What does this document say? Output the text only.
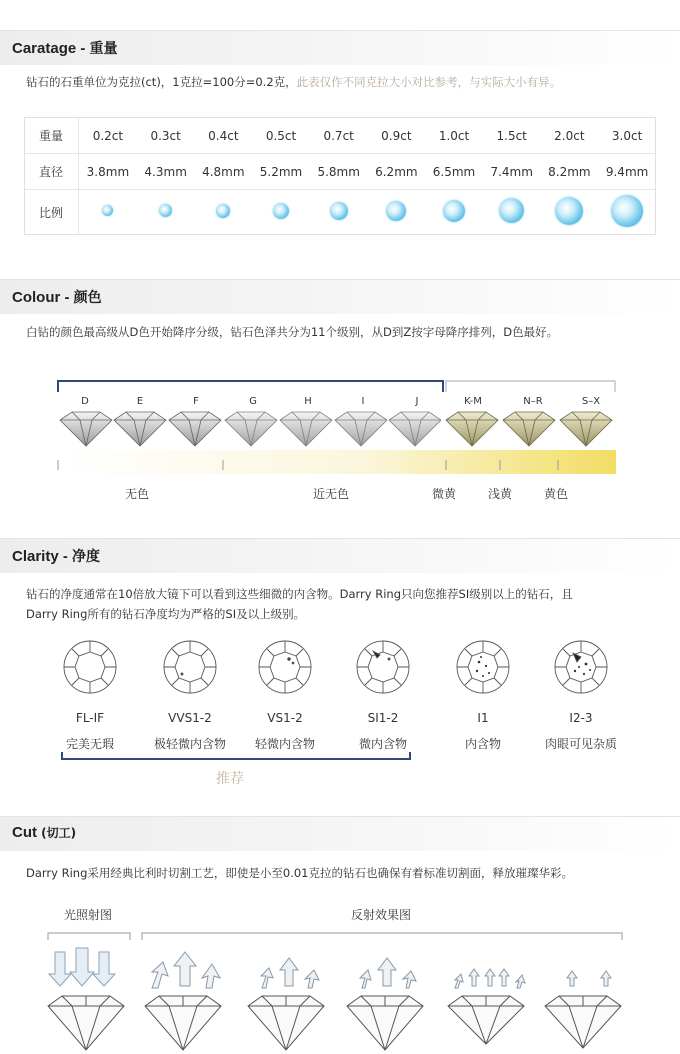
Caratage - 重量
钻石的石重单位为克拉(ct)，1克拉=100分=0.2克，此表仅作不同克拉大小对比参考，与实际大小有异。
重量	0.2ct	0.3ct	0.4ct	0.5ct	0.7ct	0.9ct	1.0ct	1.5ct	2.0ct	3.0ct
直径	3.8mm	4.3mm	4.8mm	5.2mm	5.8mm	6.2mm	6.5mm	7.4mm	8.2mm	9.4mm
比例										
Colour - 颜色
白钻的颜色最高级从D色开始降序分级，钻石色泽共分为11个级别，从D到Z按字母降序排列，D色最好。
D	E	F	G	H	I	J	K-M	N–R	S–X
无色	近无色	微黄	浅黄	黄色
Clarity - 净度
钻石的净度通常在10倍放大镜下可以看到这些细微的内含物。Darry Ring只向您推荐SI级别以上的钻石，且
Darry Ring所有的钻石净度均为严格的SI及以上级别。
FL-IF	VVS1-2	VS1-2	SI1-2	I1	I2-3
完美无瑕	极轻微内含物	轻微内含物	微内含物	内含物	肉眼可见杂质
推荐
Cut (切工)
Darry Ring采用经典比利时切割工艺，即使是小至0.01克拉的钻石也确保有着标准切割面，释放璀璨华彩。
光照射图	反射效果图
